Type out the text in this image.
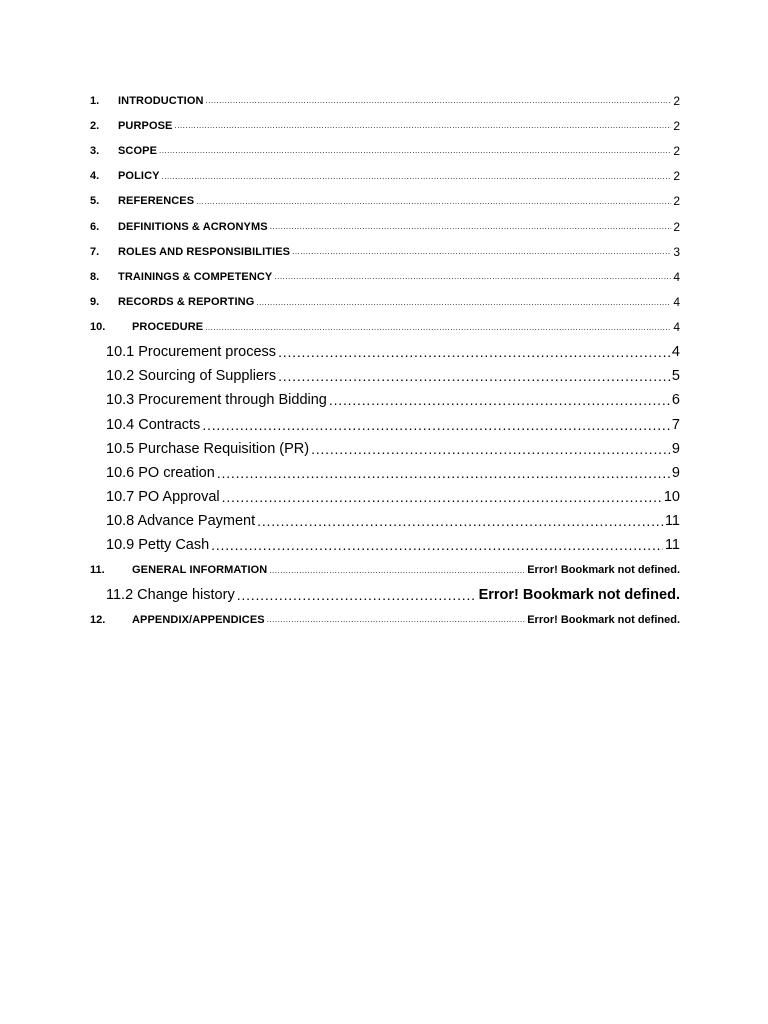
1.	INTRODUCTION .....	2
2.	PURPOSE .....	2
3.	SCOPE .....	2
4.	POLICY .....	2
5.	REFERENCES .....	2
6.	DEFINITIONS & ACRONYMS .....	2
7.	ROLES AND RESPONSIBILITIES .....	3
8.	TRAININGS & COMPETENCY .....	4
9.	RECORDS & REPORTING .....	4
10.	PROCEDURE .....	4
10.1 Procurement process .....	4
10.2 Sourcing of Suppliers .....	5
10.3 Procurement through Bidding .....	6
10.4 Contracts .....	7
10.5 Purchase Requisition (PR) .....	9
10.6 PO creation .....	9
10.7 PO Approval .....	10
10.8 Advance Payment .....	11
10.9 Petty Cash .....	11
11.	GENERAL INFORMATION .....	Error! Bookmark not defined.
11.2 Change history .....	Error! Bookmark not defined.
12.	APPENDIX/APPENDICES .....	Error! Bookmark not defined.
